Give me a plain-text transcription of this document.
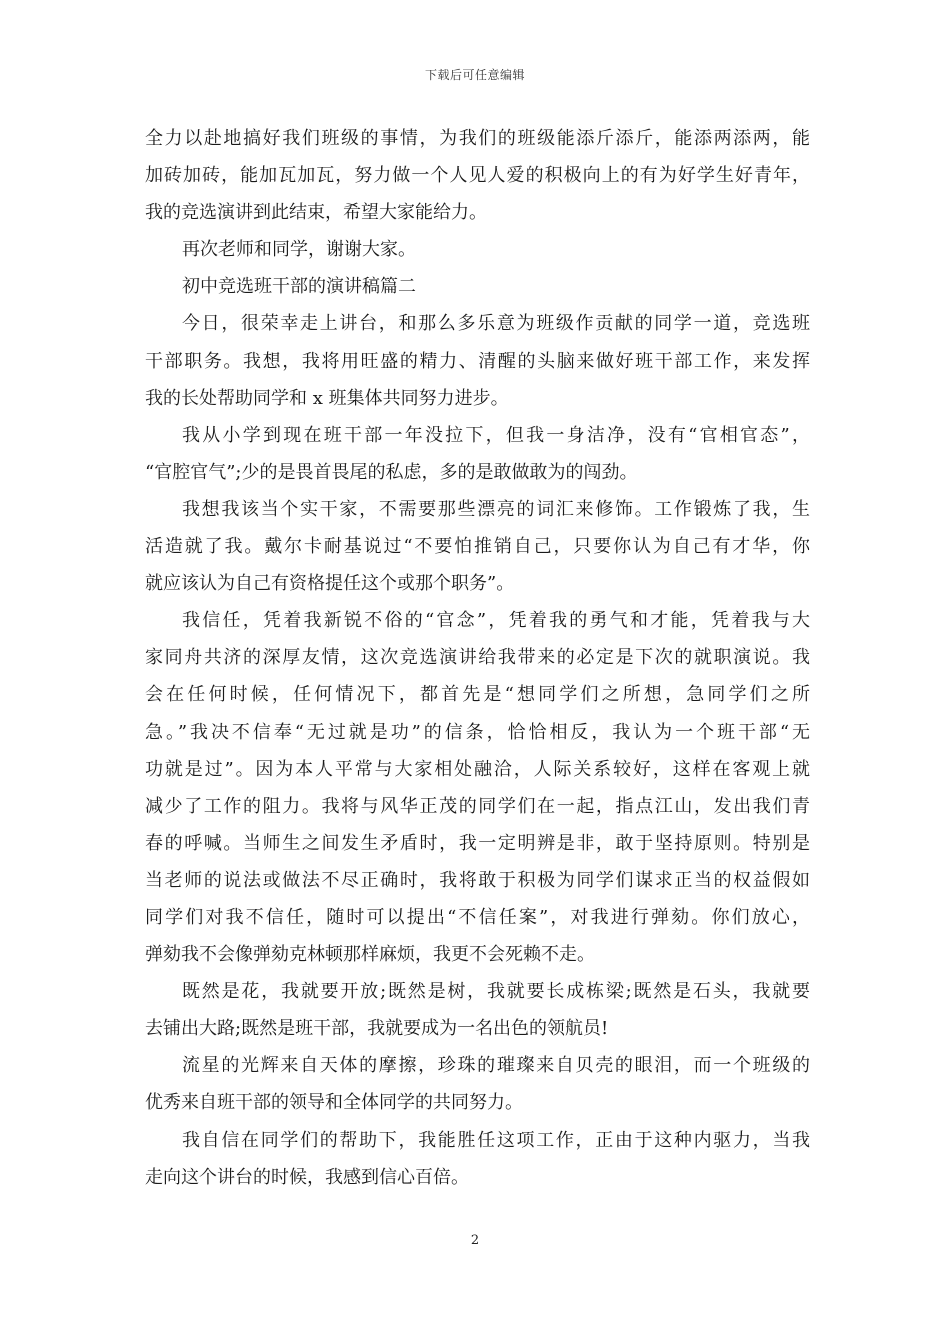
下载后可任意编辑
全力以赴地搞好我们班级的事情，为我们的班级能添斤添斤，能添两添两，能
加砖加砖，能加瓦加瓦，努力做一个人见人爱的积极向上的有为好学生好青年，
我的竞选演讲到此结束，希望大家能给力。
再次老师和同学，谢谢大家。
初中竞选班干部的演讲稿篇二
今日，很荣幸走上讲台，和那么多乐意为班级作贡献的同学一道，竞选班
干部职务。我想，我将用旺盛的精力、清醒的头脑来做好班干部工作，来发挥
我的长处帮助同学和 x 班集体共同努力进步。
我从小学到现在班干部一年没拉下，但我一身洁净，没有“官相官态”，
“官腔官气”;少的是畏首畏尾的私虑，多的是敢做敢为的闯劲。
我想我该当个实干家，不需要那些漂亮的词汇来修饰。工作锻炼了我，生
活造就了我。戴尔卡耐基说过“不要怕推销自己，只要你认为自己有才华，你
就应该认为自己有资格提任这个或那个职务”。
我信任，凭着我新锐不俗的“官念”，凭着我的勇气和才能，凭着我与大
家同舟共济的深厚友情，这次竞选演讲给我带来的必定是下次的就职演说。我
会在任何时候，任何情况下，都首先是“想同学们之所想，急同学们之所
急。”我决不信奉“无过就是功”的信条，恰恰相反，我认为一个班干部“无
功就是过”。因为本人平常与大家相处融洽，人际关系较好，这样在客观上就
减少了工作的阻力。我将与风华正茂的同学们在一起，指点江山，发出我们青
春的呼喊。当师生之间发生矛盾时，我一定明辨是非，敢于坚持原则。特别是
当老师的说法或做法不尽正确时，我将敢于积极为同学们谋求正当的权益假如
同学们对我不信任，随时可以提出“不信任案”，对我进行弹劾。你们放心，
弹劾我不会像弹劾克林顿那样麻烦，我更不会死赖不走。
既然是花，我就要开放;既然是树，我就要长成栋梁;既然是石头，我就要
去铺出大路;既然是班干部，我就要成为一名出色的领航员!
流星的光辉来自天体的摩擦，珍珠的璀璨来自贝壳的眼泪，而一个班级的
优秀来自班干部的领导和全体同学的共同努力。
我自信在同学们的帮助下，我能胜任这项工作，正由于这种内驱力，当我
走向这个讲台的时候，我感到信心百倍。
2
